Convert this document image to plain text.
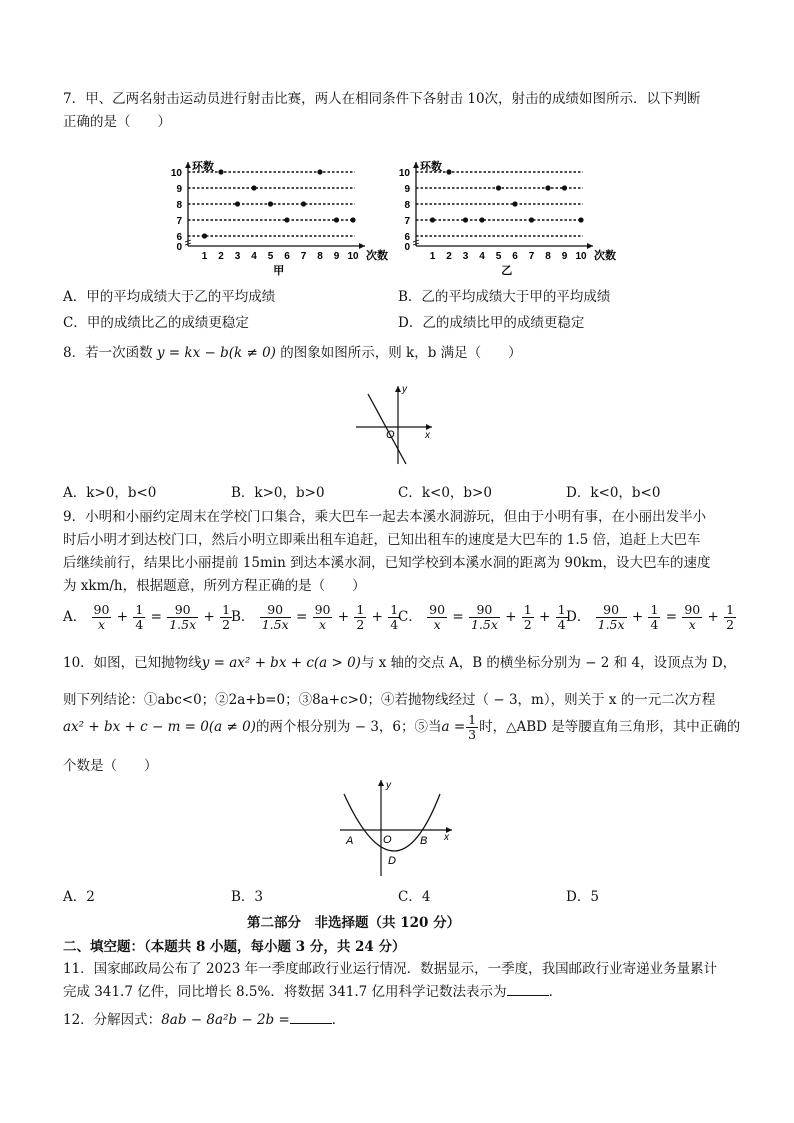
7．甲、乙两名射击运动员进行射击比赛，两人在相同条件下各射击 10次，射击的成绩如图所示．以下判断
正确的是（　　）
0
6
7
8
9
10
1 2 3 4 5 6 7 8 9 10
环数
次数
甲
0
6
7
8
9
10
1 2 3 4 5 6 7 8 9 10
环数
次数
乙
A．甲的平均成绩大于乙的平均成绩	B．乙的平均成绩大于甲的平均成绩
C．甲的成绩比乙的成绩更稳定	D．乙的成绩比甲的成绩更稳定
8．若一次函数 y = kx − b(k ≠ 0) 的图象如图所示，则 k，b 满足（　　）
y
O	x
A．k>0，b<0	B．k>0，b>0	C．k<0，b>0	D．k<0，b<0
9．小明和小丽约定周末在学校门口集合，乘大巴车一起去本溪水洞游玩，但由于小明有事，在小丽出发半小
时后小明才到达校门口，然后小明立即乘出租车追赶，已知出租车的速度是大巴车的 1.5 倍，追赶上大巴车
后继续前行，结果比小丽提前 15min 到达本溪水洞，已知学校到本溪水洞的距离为 90km，设大巴车的速度
为 xkm/h，根据题意，所列方程正确的是（　　）
A． $\frac{90}{x} + \frac{1}{4} = \frac{90}{1.5x} + \frac{1}{2}$
B． $\frac{90}{1.5x} = \frac{90}{x} + \frac{1}{2} + \frac{1}{4}$
C． $\frac{90}{x} = \frac{90}{1.5x} + \frac{1}{2} + \frac{1}{4}$
D． $\frac{90}{1.5x} + \frac{1}{4} = \frac{90}{x} + \frac{1}{2}$
10．如图，已知抛物线y = ax² + bx + c(a > 0)与 x 轴的交点 A，B 的横坐标分别为 − 2 和 4，设顶点为 D，
则下列结论：①abc<0；②2a+b=0；③8a+c>0；④若抛物线经过（ − 3，m），则关于 x 的一元二次方程
ax² + bx + c − m = 0(a ≠ 0)的两个根分别为 − 3，6；⑤当$a = \frac{1}{3}$ 时，△ABD 是等腰直角三角形，其中正确的
个数是（　　）
y
A	O	B x
D
A．2	B．3	C．4	D．5
第二部分　非选择题（共 120 分）
二、填空题：（本题共 8 小题，每小题 3 分，共 24 分）
11．国家邮政局公布了 2023 年一季度邮政行业运行情况．数据显示，一季度，我国邮政行业寄递业务量累计
完成 341.7 亿件，同比增长 8.5%．将数据 341.7 亿用科学记数法表示为	．
12．分解因式：8ab − 8a²b − 2b =	．
